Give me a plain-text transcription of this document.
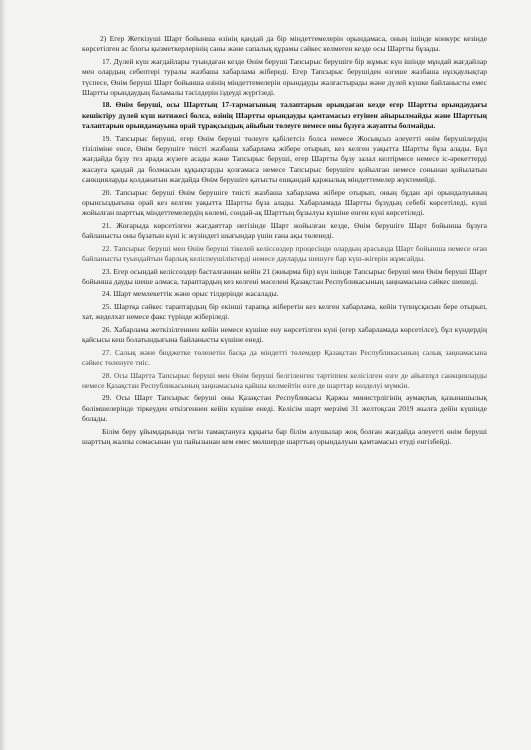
2) Егер Жеткізуші Шарт бойынша өзінің қандай да бір міндеттемелерін орындамаса, оның ішінде конкурс кезінде көрсетілген ас блогы қызметкерлерінің саны және сапалық құрамы сәйкес келмеген кезде осы Шартты бұзады.

17. Дүлей күш жағдайлары туындаған кезде Өнім беруші Тапсырыс берушіге бір жұмыс күн ішінде мұндай жағдайлар мен олардың себептері туралы жазбаша хабарлама жібереді. Егер Тапсырыс берушіден өзгеше жазбаша нұсқаулықтар түспесе, Өнім беруші Шарт бойынша өзінің міндеттемелерін орындауды жалғастырады және дүлей күшке байланысты емес Шартты орындаудың баламалы тәсілдерін іздеуді жүргізеді.

18. Өнім беруші, осы Шарттың 17-тармағының талаптарын орындаған кезде егер Шартты орындаудағы кешіктіру дүлей күш нәтижесі болса, өзінің Шартты орындауды қамтамасыз етуінен айырылмайды және Шарттың талаптарын орындамауына орай тұрақсыздық айыбын төлеуге немесе оны бұзуға жауапты болмайды.

19. Тапсырыс беруші, егер Өнім беруші төлеуге қабілетсіз болса немесе Жосықсыз әлеуетті өнім берушілердің тізіліміне енсе, Өнім берушіге тиісті жазбаша хабарлама жібере отырып, кез келген уақытта Шартты бұза алады. Бұл жағдайда бұзу тез арада жүзеге асады және Тапсырыс беруші, егер Шартты бұзу залал келтірмесе немесе іс-әрекеттерді жасауға қандай да болмасын құқықтарды қозғамаса немесе Тапсырыс берушіге қойылған немесе сонынан қойылатын санкцияларды қолданатын жағдайда Өнім берушіге қатысты ешқандай қаржылық міндеттемелер жүктемейді.

20. Тапсырыс беруші Өнім берушіге тиісті жазбаша хабарлама жібере отырып, оның бұдан әрі орындалуының орынсыздығына орай кез келген уақытта Шартты бұза алады. Хабарламада Шартты бұзудың себебі көрсетіледі, күші жойылған шарттық міндеттемелердің көлемі, сондай-ақ Шарттың бұзылуы күшіне енген күні көрсетіледі.

21. Жоғарыда көрсетілген жағдаяттар негізінде Шарт жойылған кезде, Өнім берушіге Шарт бойынша бұзуға байланысты оны бұзатын күні іс жүзіндегі шығындар үшін ғана ақы төленеді.

22. Тапсырыс беруші мен Өнім беруші тікелей келіссөздер процесінде олардың арасында Шарт бойынша немесе оған байланысты туындайтын барлық келіспеушіліктерді немесе дауларды шешуге бар күш-жігерін жұмсайды.

23. Егер осындай келіссөздер басталғаннан кейін 21 (жиырма бір) күн ішінде Тапсырыс беруші мен Өнім беруші Шарт бойынша дауды шеше алмаса, тараптардың кез келгені мәселені Қазақстан Республикасының заңнамасына сәйкес шешеді.

24. Шарт мемлекеттік және орыс тілдерінде жасалады.

25. Шартқа сәйкес тараптардың бір екінші тарапқа жіберетін кез келген хабарлама, кейін түпнұсқасын бере отырып, хат, жеделхат немесе факс түрінде жіберіледі.

26. Хабарлама жеткізілгеннен кейін немесе күшіне ену көрсетілген күні (егер хабарламада көрсетілсе), бұл күндердің қайсысы кеш болатындығына байланысты күшіне енеді.

27. Салық және бюджетке төленетін басқа да міндетті төлемдер Қазақстан Республикасының салық заңнамасына сәйкес төленуге тиіс.

28. Осы Шартта Тапсырыс беруші мен Өнім беруші белгіленген тәртіппен келісілген өзге де айыппұл санкцияларды немесе Қазақстан Республикасының заңнамасына қайшы келмейтін өзге де шарттар көзделуі мүмкін.

29. Осы Шарт Тапсырыс беруші оны Қазақстан Республикасы Қаржы министрлігінің аумақтық қазынашылық бөлімшелерінде тіркеуден өткізгеннен кейін күшіне енеді. Келісім шарт мерзімі 31 желтоқсан 2019 жылға дейін күшінде болады.

Білім беру ұйымдарында тегін тамақтануға құқығы бар білім алушылар жоқ болған жағдайда әлеуетті өнім беруші шарттың жалпы сомасынан үш пайызынан кем емес мөлшерде шарттың орындалуын қамтамасыз етуді енгізбейді.
